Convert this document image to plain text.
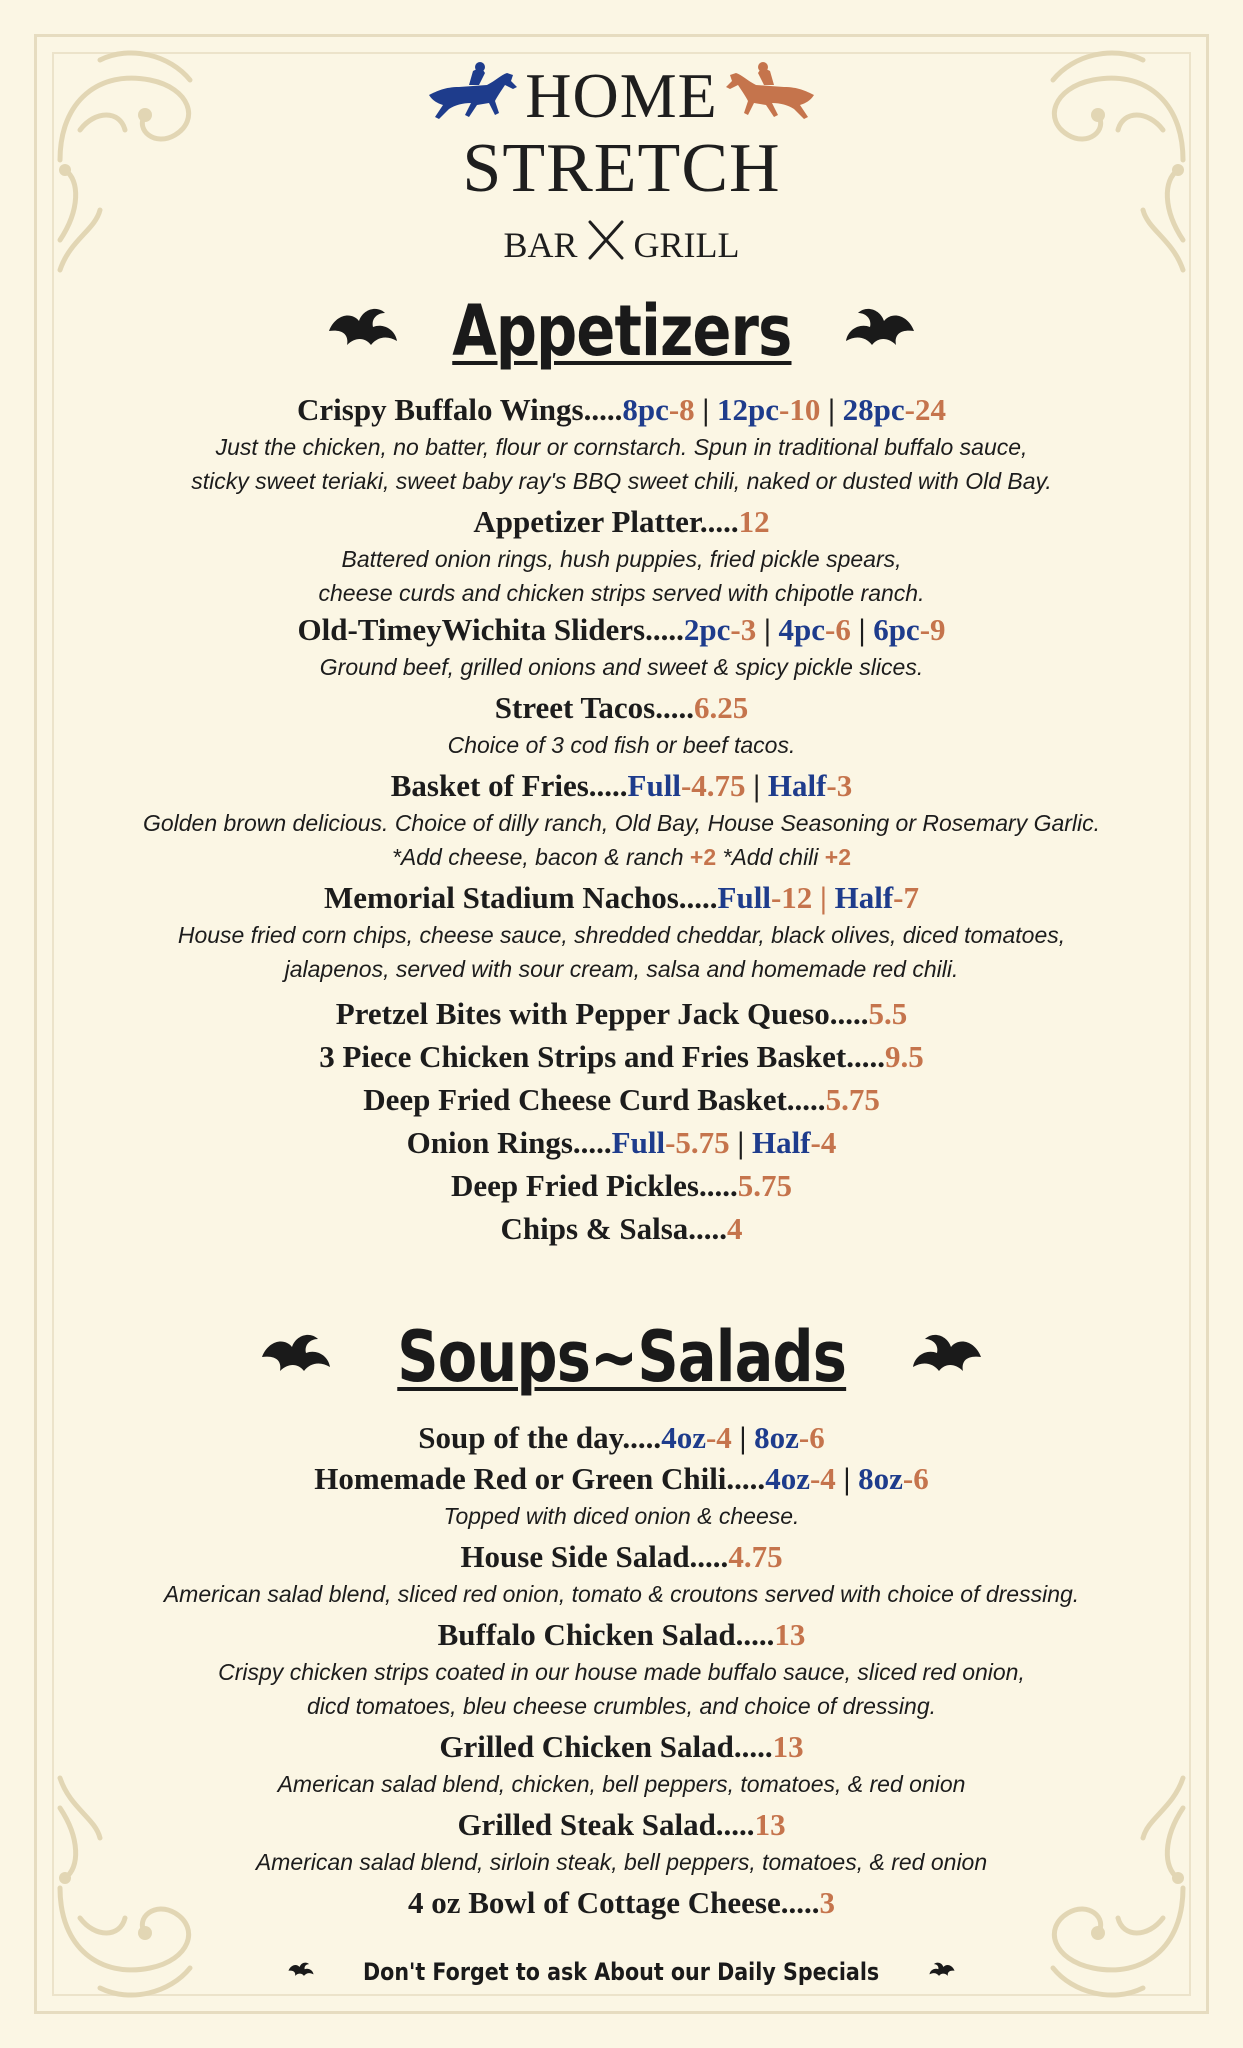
HOME
STRETCH
BAR GRILL
Appetizers
Crispy Buffalo Wings.....8pc-8 | 12pc-10 | 28pc-24
Just the chicken, no batter, flour or cornstarch. Spun in traditional buffalo sauce,
sticky sweet teriaki, sweet baby ray's BBQ sweet chili, naked or dusted with Old Bay.
Appetizer Platter.....12
Battered onion rings, hush puppies, fried pickle spears,
cheese curds and chicken strips served with chipotle ranch.
Old-TimeyWichita Sliders.....2pc-3 | 4pc-6 | 6pc-9
Ground beef, grilled onions and sweet & spicy pickle slices.
Street Tacos.....6.25
Choice of 3 cod fish or beef tacos.
Basket of Fries.....Full-4.75 | Half-3
Golden brown delicious. Choice of dilly ranch, Old Bay, House Seasoning or Rosemary Garlic.
*Add cheese, bacon & ranch +2 *Add chili +2
Memorial Stadium Nachos.....Full-12 | Half-7
House fried corn chips, cheese sauce, shredded cheddar, black olives, diced tomatoes,
jalapenos, served with sour cream, salsa and homemade red chili.
Pretzel Bites with Pepper Jack Queso.....5.5
3 Piece Chicken Strips and Fries Basket.....9.5
Deep Fried Cheese Curd Basket.....5.75
Onion Rings.....Full-5.75 | Half-4
Deep Fried Pickles.....5.75
Chips & Salsa.....4
Soups~Salads
Soup of the day.....4oz-4 | 8oz-6
Homemade Red or Green Chili.....4oz-4 | 8oz-6
Topped with diced onion & cheese.
House Side Salad.....4.75
American salad blend, sliced red onion, tomato & croutons served with choice of dressing.
Buffalo Chicken Salad.....13
Crispy chicken strips coated in our house made buffalo sauce, sliced red onion,
dicd tomatoes, bleu cheese crumbles, and choice of dressing.
Grilled Chicken Salad.....13
American salad blend, chicken, bell peppers, tomatoes, & red onion
Grilled Steak Salad.....13
American salad blend, sirloin steak, bell peppers, tomatoes, & red onion
4 oz Bowl of Cottage Cheese.....3
Don't Forget to ask About our Daily Specials
